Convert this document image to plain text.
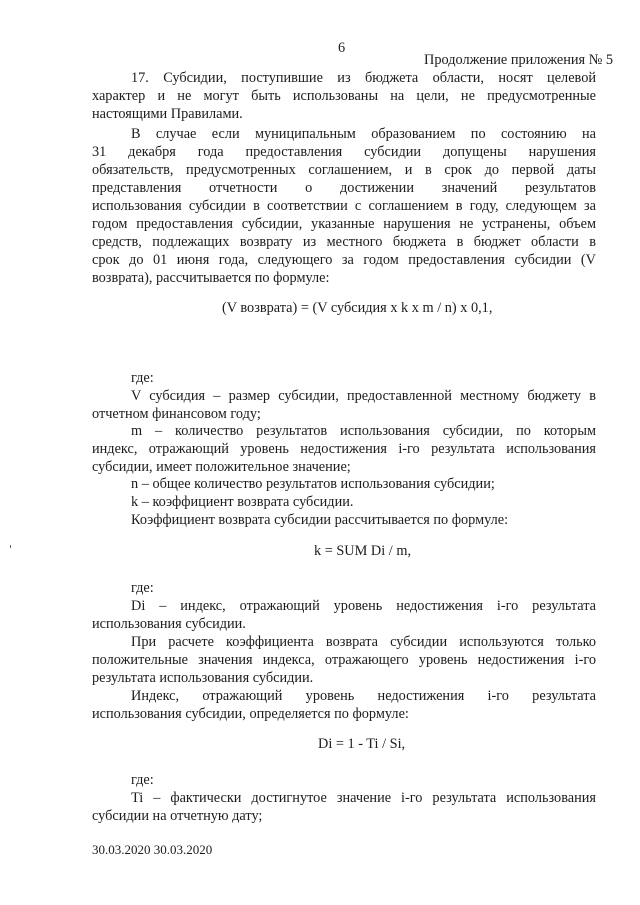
6
Продолжение приложения № 5
17. Субсидии, поступившие из бюджета области, носят целевой
характер и не могут быть использованы на цели, не предусмотренные
настоящими Правилами.
В случае если муниципальным образованием по состоянию на
31 декабря года предоставления субсидии допущены нарушения
обязательств, предусмотренных соглашением, и в срок до первой даты
представления отчетности о достижении значений результатов
использования субсидии в соответствии с соглашением в году, следующем за
годом предоставления субсидии, указанные нарушения не устранены, объем
средств, подлежащих возврату из местного бюджета в бюджет области в
срок до 01 июня года, следующего за годом предоставления субсидии (V
возврата), рассчитывается по формуле:
(V возврата) = (V субсидия x k x m / n) x 0,1,
где:
V субсидия – размер субсидии, предоставленной местному бюджету в
отчетном финансовом году;
m – количество результатов использования субсидии, по которым
индекс, отражающий уровень недостижения i-го результата использования
субсидии, имеет положительное значение;
n – общее количество результатов использования субсидии;
k – коэффициент возврата субсидии.
Коэффициент возврата субсидии рассчитывается по формуле:
k = SUM Di / m,
где:
Di – индекс, отражающий уровень недостижения i-го результата
использования субсидии.
При расчете коэффициента возврата субсидии используются только
положительные значения индекса, отражающего уровень недостижения i-го
результата использования субсидии.
Индекс, отражающий уровень недостижения i-го результата
использования субсидии, определяется по формуле:
Di = 1 - Ti / Si,
где:
Ti – фактически достигнутое значение i-го результата использования
субсидии на отчетную дату;
30.03.2020 30.03.2020
